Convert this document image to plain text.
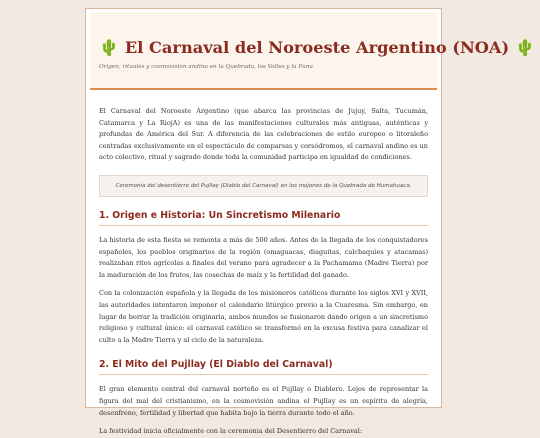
🌵 El Carnaval del Noroeste Argentino (NOA) 🌵
Origen, rituales y cosmovisión andina en la Quebrada, los Valles y la Puna

El Carnaval del Noroeste Argentino (que abarca las provincias de Jujuy, Salta, Tucumán, Catamarca y La RiojA) es una de las manifestaciones culturales más antiguas, auténticas y profundas de América del Sur. A diferencia de las celebraciones de estilo europeo o litoraleño centradas exclusivamente en el espectáculo de comparsas y corsódromos, el carnaval andino es un acto colectivo, ritual y sagrado donde toda la comunidad participa en igualdad de condiciones.

Ceremonia del desentierro del Pujllay (Diablo del Carnaval) en los mojones de la Quebrada de Humahuaca.
1. Origen e Historia: Un Sincretismo Milenario

La historia de esta fiesta se remonta a más de 500 años. Antes de la llegada de los conquistadores españoles, los pueblos originarios de la región (omaguacas, diaguitas, calchaquíes y atacamas) realizaban ritos agrícolas a finales del verano para agradecer a la Pachamama (Madre Tierra) por la maduración de los frutos, las cosechas de maíz y la fertilidad del ganado.

Con la colonización española y la llegada de los misioneros católicos durante los siglos XVI y XVII, las autoridades intentaron imponer el calendario litúrgico previo a la Cuaresma. Sin embargo, en lugar de borrar la tradición originaria, ambos mundos se fusionaron dando origen a un sincretismo religioso y cultural único: el carnaval católico se transformó en la excusa festiva para canalizar el culto a la Madre Tierra y al ciclo de la naturaleza.

2. El Mito del Pujllay (El Diablo del Carnaval)

El gran elemento central del carnaval norteño es el Pujllay o Diablero. Lejos de representar la figura del mal del cristianismo, en la cosmovisión andina el Pujllay es un espíritu de alegría, desenfreno, fertilidad y libertad que habita bajo la tierra durante todo el año.

La festividad inicia oficialmente con la ceremonia del Desentierro del Carnaval:
